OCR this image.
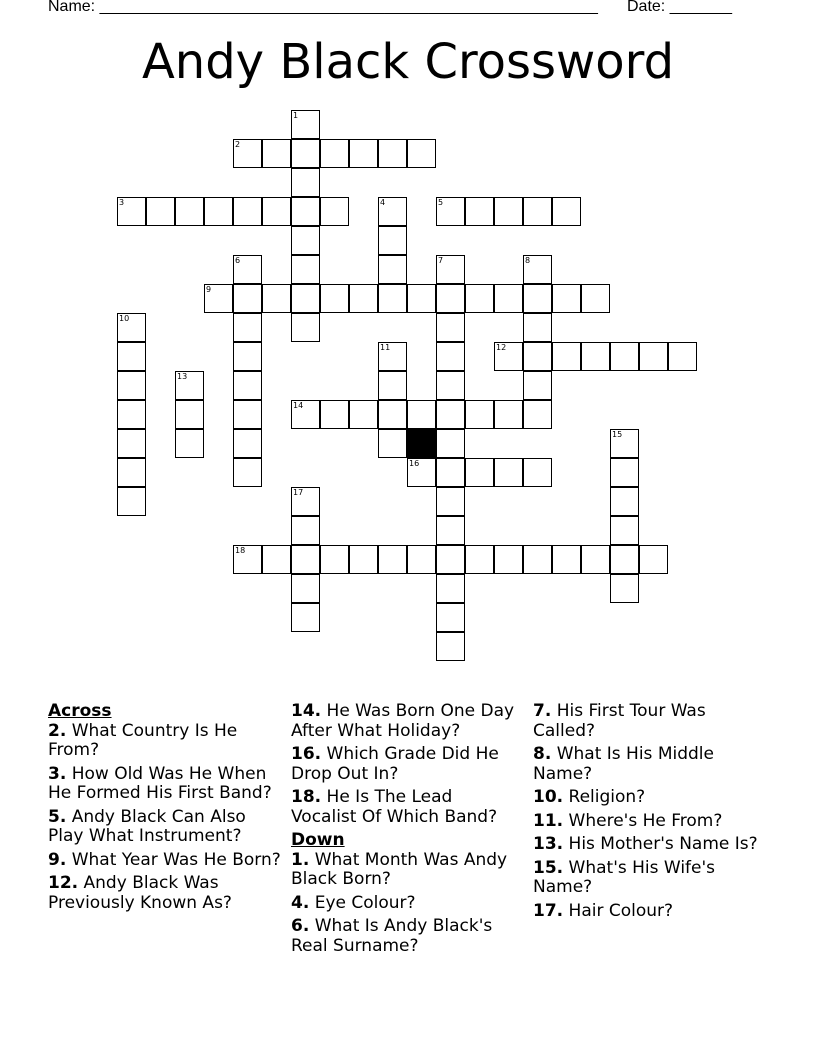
Name: ________________________________________________________ Date: _______
Andy Black Crossword
2
3	5
9
12
14
16
18
1
4
6	7	8
10
11
13
15
17
Across
2. What Country Is He From?
3. How Old Was He When He Formed His First Band?
5. Andy Black Can Also Play What Instrument?
9. What Year Was He Born?
12. Andy Black Was Previously Known As?
14. He Was Born One Day After What Holiday?
16. Which Grade Did He Drop Out In?
18. He Is The Lead Vocalist Of Which Band?
Down
1. What Month Was Andy Black Born?
4. Eye Colour?
6. What Is Andy Black's Real Surname?
7. His First Tour Was Called?
8. What Is His Middle Name?
10. Religion?
11. Where's He From?
13. His Mother's Name Is?
15. What's His Wife's Name?
17. Hair Colour?
